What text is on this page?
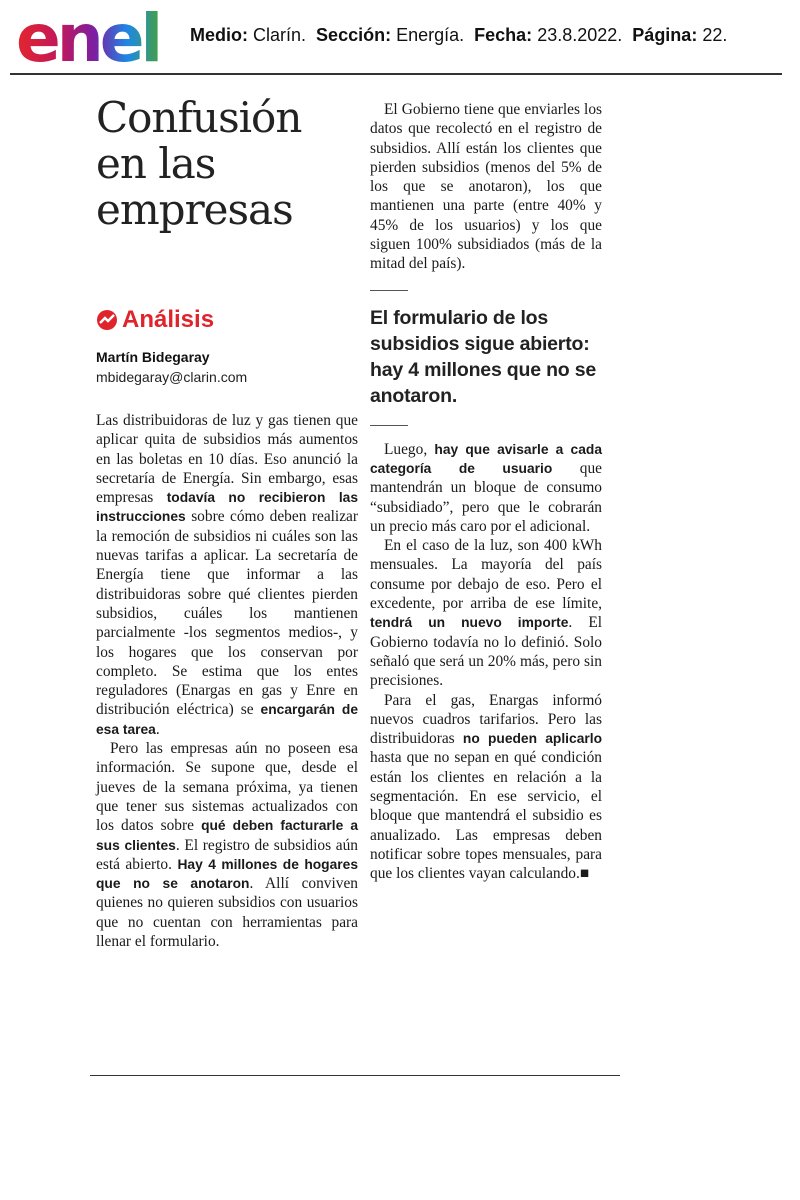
enel Medio: Clarín. Sección: Energía. Fecha: 23.8.2022. Página: 22.
Confusión
en las
empresas
Análisis
Martín Bidegaray
mbidegaray@clarin.com

Las distribuidoras de luz y gas tienen que aplicar quita de subsidios más aumentos en las boletas en 10 días. Eso anunció la secretaría de Energía. Sin embargo, esas empresas todavía no recibieron las instrucciones sobre cómo deben realizar la remoción de subsidios ni cuáles son las nuevas tarifas a aplicar. La secretaría de Energía tiene que informar a las distribuidoras sobre qué clientes pierden subsidios, cuáles los mantienen parcialmente -los segmentos medios-, y los hogares que los conservan por completo. Se estima que los entes reguladores (Enargas en gas y Enre en distribución eléctrica) se encargarán de esa tarea.

Pero las empresas aún no poseen esa información. Se supone que, desde el jueves de la semana próxima, ya tienen que tener sus sistemas actualizados con los datos sobre qué deben facturarle a sus clientes. El registro de subsidios aún está abierto. Hay 4 millones de hogares que no se anotaron. Allí conviven quienes no quieren subsidios con usuarios que no cuentan con herramientas para llenar el formulario.

El Gobierno tiene que enviarles los datos que recolectó en el registro de subsidios. Allí están los clientes que pierden subsidios (menos del 5% de los que se anotaron), los que mantienen una parte (entre 40% y 45% de los usuarios) y los que siguen 100% subsidiados (más de la mitad del país).

El formulario de los subsidios sigue abierto: hay 4 millones que no se anotaron.

Luego, hay que avisarle a cada categoría de usuario que mantendrán un bloque de consumo “subsidiado”, pero que le cobrarán un precio más caro por el adicional.

En el caso de la luz, son 400 kWh mensuales. La mayoría del país consume por debajo de eso. Pero el excedente, por arriba de ese límite, tendrá un nuevo importe. El Gobierno todavía no lo definió. Solo señaló que será un 20% más, pero sin precisiones.

Para el gas, Enargas informó nuevos cuadros tarifarios. Pero las distribuidoras no pueden aplicarlo hasta que no sepan en qué condición están los clientes en relación a la segmentación. En ese servicio, el bloque que mantendrá el subsidio es anualizado. Las empresas deben notificar sobre topes mensuales, para que los clientes vayan calculando.■
